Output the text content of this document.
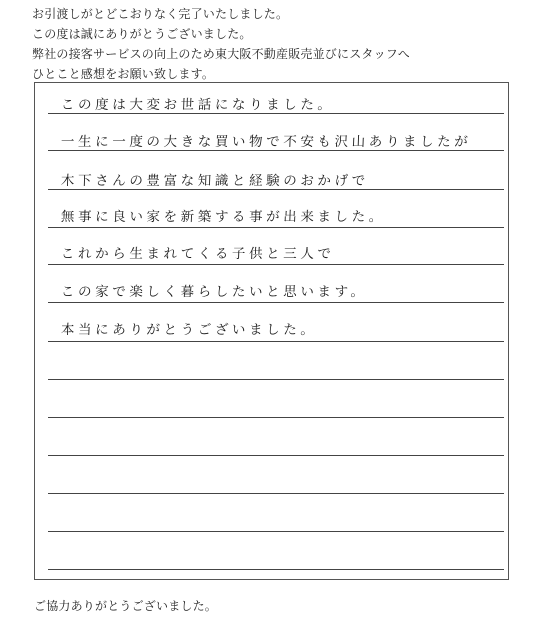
お引渡しがとどこおりなく完了いたしました。
この度は誠にありがとうございました。
弊社の接客サービスの向上のため東大阪不動産販売並びにスタッフへ
ひとこと感想をお願い致します。
この度は大変お世話になりました。
一生に一度の大きな買い物で不安も沢山ありましたが
木下さんの豊富な知識と経験のおかげで
無事に良い家を新築する事が出来ました。
これから生まれてくる子供と三人で
この家で楽しく暮らしたいと思います。
本当にありがとうございました。
ご協力ありがとうございました。
